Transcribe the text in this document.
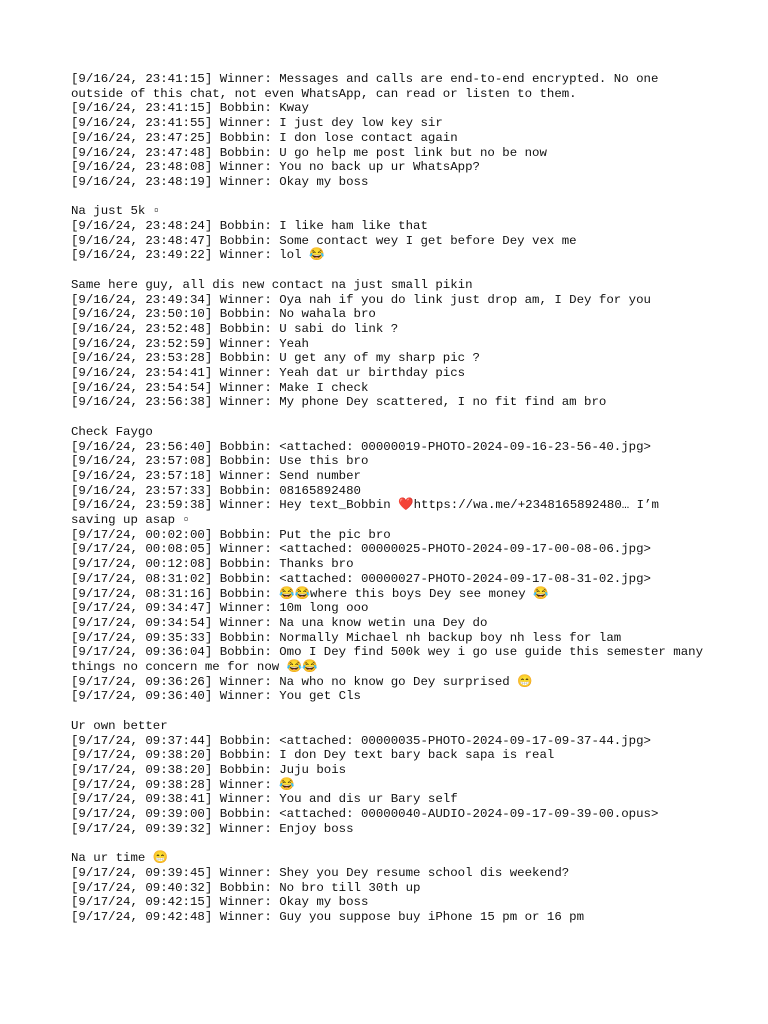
[9/16/24, 23:41:15] Winner: Messages and calls are end-to-end encrypted. No one outside of this chat, not even WhatsApp, can read or listen to them.
[9/16/24, 23:41:15] Bobbin: Kway
[9/16/24, 23:41:55] Winner: I just dey low key sir
[9/16/24, 23:47:25] Bobbin: I don lose contact again
[9/16/24, 23:47:48] Bobbin: U go help me post link but no be now
[9/16/24, 23:48:08] Winner: You no back up ur WhatsApp?
[9/16/24, 23:48:19] Winner: Okay my boss
Na just 5k ▫
[9/16/24, 23:48:24] Bobbin: I like ham like that
[9/16/24, 23:48:47] Bobbin: Some contact wey I get before Dey vex me
[9/16/24, 23:49:22] Winner: lol 😂
Same here guy, all dis new contact na just small pikin
[9/16/24, 23:49:34] Winner: Oya nah if you do link just drop am, I Dey for you
[9/16/24, 23:50:10] Bobbin: No wahala bro
[9/16/24, 23:52:48] Bobbin: U sabi do link ?
[9/16/24, 23:52:59] Winner: Yeah
[9/16/24, 23:53:28] Bobbin: U get any of my sharp pic ?
[9/16/24, 23:54:41] Winner: Yeah dat ur birthday pics
[9/16/24, 23:54:54] Winner: Make I check
[9/16/24, 23:56:38] Winner: My phone Dey scattered, I no fit find am bro
Check Faygo
[9/16/24, 23:56:40] Bobbin: <attached: 00000019-PHOTO-2024-09-16-23-56-40.jpg>
[9/16/24, 23:57:08] Bobbin: Use this bro
[9/16/24, 23:57:18] Winner: Send number
[9/16/24, 23:57:33] Bobbin: 08165892480
[9/16/24, 23:59:38] Winner: Hey text_Bobbin ❤️https://wa.me/+2348165892480… I’m saving up asap ▫
[9/17/24, 00:02:00] Bobbin: Put the pic bro
[9/17/24, 00:08:05] Winner: <attached: 00000025-PHOTO-2024-09-17-00-08-06.jpg>
[9/17/24, 00:12:08] Bobbin: Thanks bro
[9/17/24, 08:31:02] Bobbin: <attached: 00000027-PHOTO-2024-09-17-08-31-02.jpg>
[9/17/24, 08:31:16] Bobbin: 😂😂where this boys Dey see money 😂
[9/17/24, 09:34:47] Winner: 10m long ooo
[9/17/24, 09:34:54] Winner: Na una know wetin una Dey do
[9/17/24, 09:35:33] Bobbin: Normally Michael nh backup boy nh less for lam
[9/17/24, 09:36:04] Bobbin: Omo I Dey find 500k wey i go use guide this semester many things no concern me for now 😂😂
[9/17/24, 09:36:26] Winner: Na who no know go Dey surprised 😁
[9/17/24, 09:36:40] Winner: You get Cls
Ur own better
[9/17/24, 09:37:44] Bobbin: <attached: 00000035-PHOTO-2024-09-17-09-37-44.jpg>
[9/17/24, 09:38:20] Bobbin: I don Dey text bary back sapa is real
[9/17/24, 09:38:20] Bobbin: Juju bois
[9/17/24, 09:38:28] Winner: 😂
[9/17/24, 09:38:41] Winner: You and dis ur Bary self
[9/17/24, 09:39:00] Bobbin: <attached: 00000040-AUDIO-2024-09-17-09-39-00.opus>
[9/17/24, 09:39:32] Winner: Enjoy boss
Na ur time 😁
[9/17/24, 09:39:45] Winner: Shey you Dey resume school dis weekend?
[9/17/24, 09:40:32] Bobbin: No bro till 30th up
[9/17/24, 09:42:15] Winner: Okay my boss
[9/17/24, 09:42:48] Winner: Guy you suppose buy iPhone 15 pm or 16 pm
